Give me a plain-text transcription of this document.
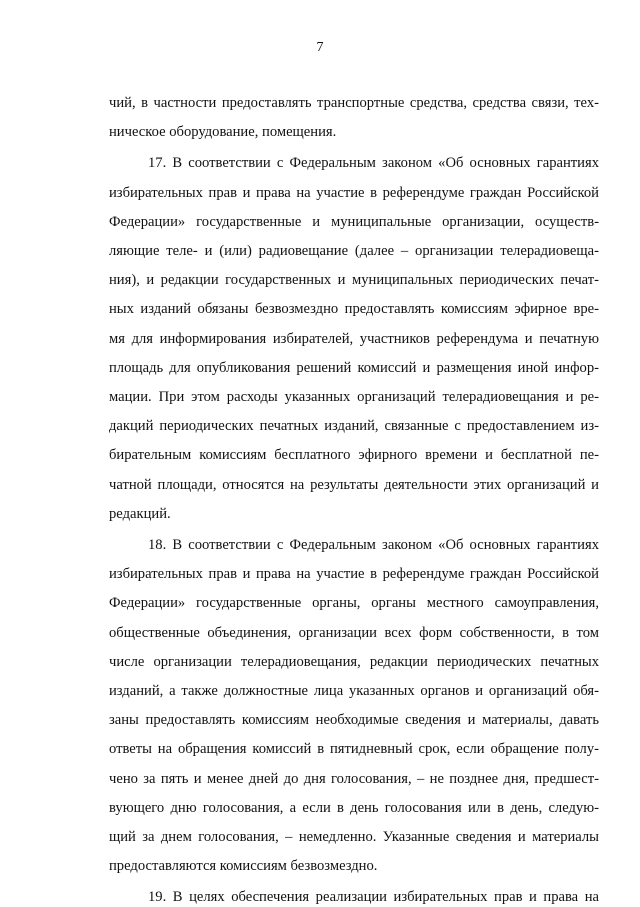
7
чий, в частности предоставлять транспортные средства, средства связи, тех-
ническое оборудование, помещения.
17. В соответствии с Федеральным законом «Об основных гарантиях
избирательных прав и права на участие в референдуме граждан Российской
Федерации» государственные и муниципальные организации, осуществ-
ляющие теле- и (или) радиовещание (далее – организации телерадиовеща-
ния), и редакции государственных и муниципальных периодических печат-
ных изданий обязаны безвозмездно предоставлять комиссиям эфирное вре-
мя для информирования избирателей, участников референдума и печатную
площадь для опубликования решений комиссий и размещения иной инфор-
мации. При этом расходы указанных организаций телерадиовещания и ре-
дакций периодических печатных изданий, связанные с предоставлением из-
бирательным комиссиям бесплатного эфирного времени и бесплатной пе-
чатной площади, относятся на результаты деятельности этих организаций и
редакций.
18. В соответствии с Федеральным законом «Об основных гарантиях
избирательных прав и права на участие в референдуме граждан Российской
Федерации» государственные органы, органы местного самоуправления,
общественные объединения, организации всех форм собственности, в том
числе организации телерадиовещания, редакции периодических печатных
изданий, а также должностные лица указанных органов и организаций обя-
заны предоставлять комиссиям необходимые сведения и материалы, давать
ответы на обращения комиссий в пятидневный срок, если обращение полу-
чено за пять и менее дней до дня голосования, – не позднее дня, предшест-
вующего дню голосования, а если в день голосования или в день, следую-
щий за днем голосования, – немедленно. Указанные сведения и материалы
предоставляются комиссиям безвозмездно.
19. В целях обеспечения реализации избирательных прав и права на
